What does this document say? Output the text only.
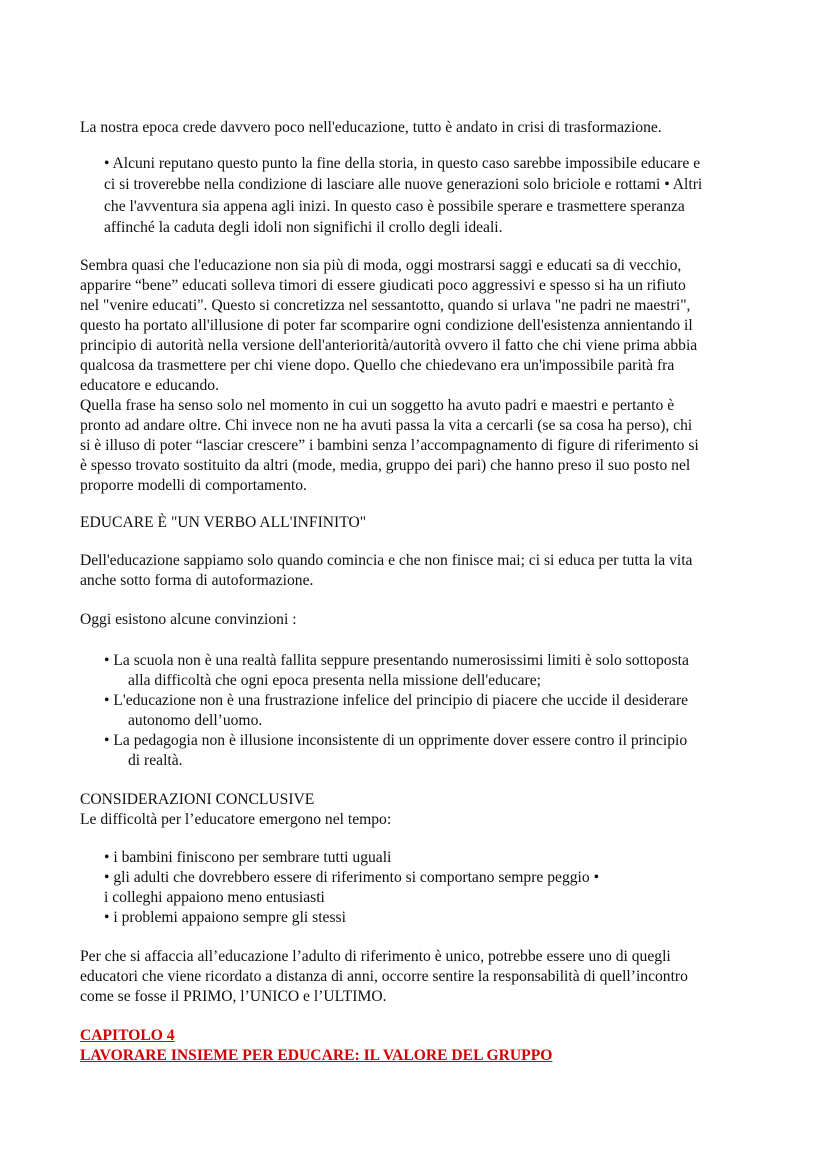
La nostra epoca crede davvero poco nell'educazione, tutto è andato in crisi di trasformazione.
• Alcuni reputano questo punto la fine della storia, in questo caso sarebbe impossibile educare e
ci si troverebbe nella condizione di lasciare alle nuove generazioni solo briciole e rottami • Altri
che l'avventura sia appena agli inizi. In questo caso è possibile sperare e trasmettere speranza
affinché la caduta degli idoli non significhi il crollo degli ideali.
Sembra quasi che l'educazione non sia più di moda, oggi mostrarsi saggi e educati sa di vecchio,
apparire “bene” educati solleva timori di essere giudicati poco aggressivi e spesso si ha un rifiuto
nel "venire educati". Questo si concretizza nel sessantotto, quando si urlava "ne padri ne maestri",
questo ha portato all'illusione di poter far scomparire ogni condizione dell'esistenza annientando il
principio di autorità nella versione dell'anteriorità/autorità ovvero il fatto che chi viene prima abbia
qualcosa da trasmettere per chi viene dopo. Quello che chiedevano era un'impossibile parità fra
educatore e educando.
Quella frase ha senso solo nel momento in cui un soggetto ha avuto padri e maestri e pertanto è
pronto ad andare oltre. Chi invece non ne ha avuti passa la vita a cercarli (se sa cosa ha perso), chi
si è illuso di poter “lasciar crescere” i bambini senza l’accompagnamento di figure di riferimento si
è spesso trovato sostituito da altri (mode, media, gruppo dei pari) che hanno preso il suo posto nel
proporre modelli di comportamento.
EDUCARE È "UN VERBO ALL'INFINITO"
Dell'educazione sappiamo solo quando comincia e che non finisce mai; ci si educa per tutta la vita
anche sotto forma di autoformazione.
Oggi esistono alcune convinzioni :
• La scuola non è una realtà fallita seppure presentando numerosissimi limiti è solo sottoposta
alla difficoltà che ogni epoca presenta nella missione dell'educare;
• L'educazione non è una frustrazione infelice del principio di piacere che uccide il desiderare
autonomo dell’uomo.
• La pedagogia non è illusione inconsistente di un opprimente dover essere contro il principio
di realtà.
CONSIDERAZIONI CONCLUSIVE
Le difficoltà per l’educatore emergono nel tempo:
• i bambini finiscono per sembrare tutti uguali
• gli adulti che dovrebbero essere di riferimento si comportano sempre peggio •
i colleghi appaiono meno entusiasti
• i problemi appaiono sempre gli stessi
Per che si affaccia all’educazione l’adulto di riferimento è unico, potrebbe essere uno di quegli
educatori che viene ricordato a distanza di anni, occorre sentire la responsabilità di quell’incontro
come se fosse il PRIMO, l’UNICO e l’ULTIMO.
CAPITOLO 4
LAVORARE INSIEME PER EDUCARE: IL VALORE DEL GRUPPO
